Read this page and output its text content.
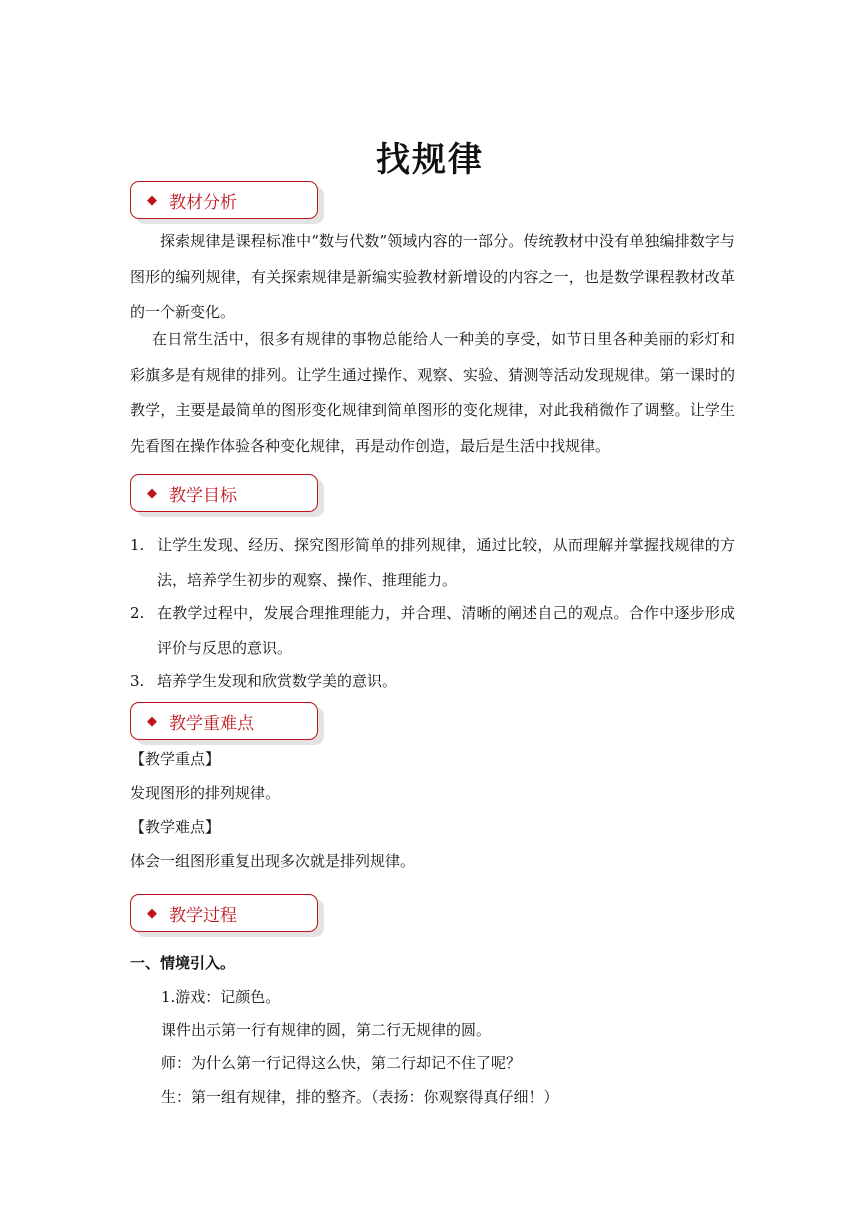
找规律
◆ 教材分析

探索规律是课程标准中“数与代数”领域内容的一部分。传统教材中没有单独编排数字与图形的编列规律，有关探索规律是新编实验教材新增设的内容之一，也是数学课程教材改革的一个新变化。

在日常生活中，很多有规律的事物总能给人一种美的享受，如节日里各种美丽的彩灯和彩旗多是有规律的排列。让学生通过操作、观察、实验、猜测等活动发现规律。第一课时的教学，主要是最简单的图形变化规律到简单图形的变化规律，对此我稍微作了调整。让学生先看图在操作体验各种变化规律，再是动作创造，最后是生活中找规律。

◆ 教学目标
1. 让学生发现、经历、探究图形简单的排列规律，通过比较，从而理解并掌握找规律的方法，培养学生初步的观察、操作、推理能力。
2. 在教学过程中，发展合理推理能力，并合理、清晰的阐述自己的观点。合作中逐步形成评价与反思的意识。
3. 培养学生发现和欣赏数学美的意识。
◆ 教学重难点

【教学重点】

发现图形的排列规律。

【教学难点】

体会一组图形重复出现多次就是排列规律。

◆ 教学过程

一、情境引入。

1.游戏：记颜色。

课件出示第一行有规律的圆，第二行无规律的圆。

师：为什么第一行记得这么快，第二行却记不住了呢？

生：第一组有规律，排的整齐。（表扬：你观察得真仔细！）
